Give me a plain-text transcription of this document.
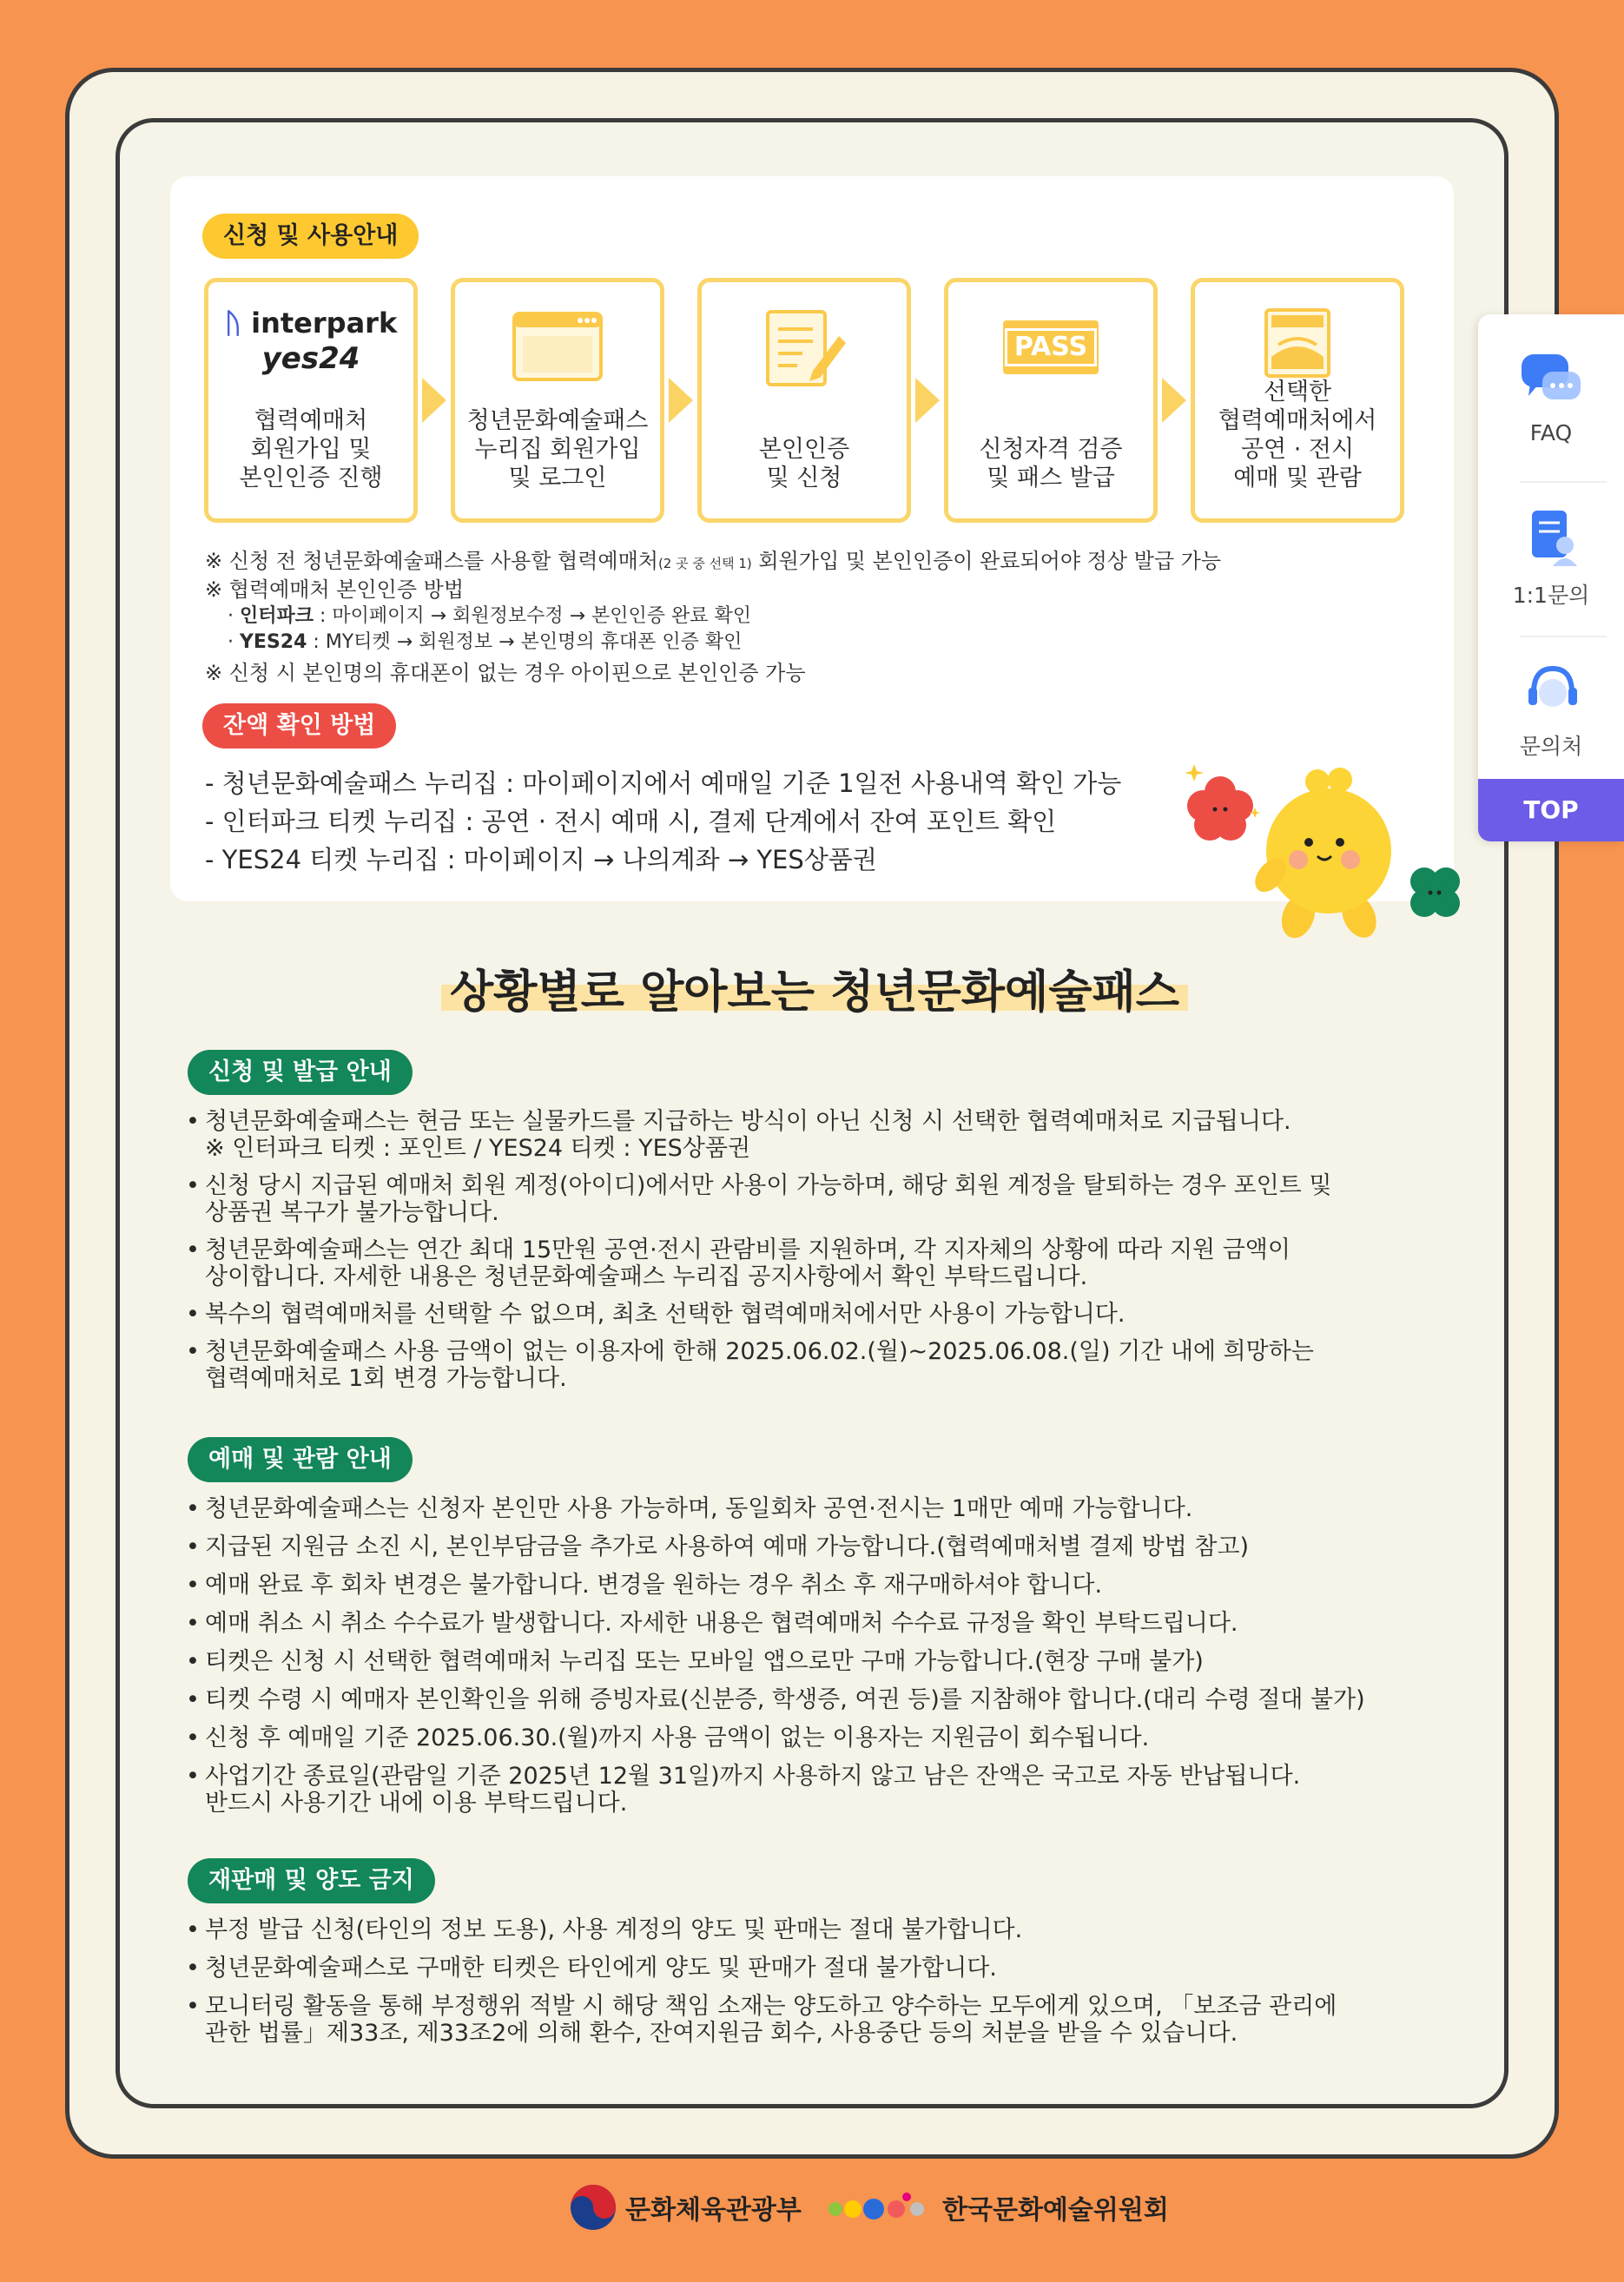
신청 및 사용안내
ᚢ interpark
yes24
협력예매처
회원가입 및
본인인증 진행
청년문화예술패스
누리집 회원가입
및 로그인
본인인증
및 신청
PASS
신청자격 검증
및 패스 발급
선택한
협력예매처에서
공연 · 전시
예매 및 관람
※ 신청 전 청년문화예술패스를 사용할 협력예매처(2 곳 중 선택 1) 회원가입 및 본인인증이 완료되어야 정상 발급 가능
※ 협력예매처 본인인증 방법
· 인터파크 : 마이페이지 → 회원정보수정 → 본인인증 완료 확인
· YES24 : MY티켓 → 회원정보 → 본인명의 휴대폰 인증 확인
※ 신청 시 본인명의 휴대폰이 없는 경우 아이핀으로 본인인증 가능
잔액 확인 방법
- 청년문화예술패스 누리집 : 마이페이지에서 예매일 기준 1일전 사용내역 확인 가능
- 인터파크 티켓 누리집 : 공연 · 전시 예매 시, 결제 단계에서 잔여 포인트 확인
- YES24 티켓 누리집 : 마이페이지 → 나의계좌 → YES상품권
상황별로 알아보는 청년문화예술패스
신청 및 발급 안내
• 청년문화예술패스는 현금 또는 실물카드를 지급하는 방식이 아닌 신청 시 선택한 협력예매처로 지급됩니다.
※ 인터파크 티켓 : 포인트 / YES24 티켓 : YES상품권
• 신청 당시 지급된 예매처 회원 계정(아이디)에서만 사용이 가능하며, 해당 회원 계정을 탈퇴하는 경우 포인트 및
상품권 복구가 불가능합니다.
• 청년문화예술패스는 연간 최대 15만원 공연·전시 관람비를 지원하며, 각 지자체의 상황에 따라 지원 금액이
상이합니다. 자세한 내용은 청년문화예술패스 누리집 공지사항에서 확인 부탁드립니다.
• 복수의 협력예매처를 선택할 수 없으며, 최초 선택한 협력예매처에서만 사용이 가능합니다.
• 청년문화예술패스 사용 금액이 없는 이용자에 한해 2025.06.02.(월)~2025.06.08.(일) 기간 내에 희망하는
협력예매처로 1회 변경 가능합니다.
예매 및 관람 안내
• 청년문화예술패스는 신청자 본인만 사용 가능하며, 동일회차 공연·전시는 1매만 예매 가능합니다.
• 지급된 지원금 소진 시, 본인부담금을 추가로 사용하여 예매 가능합니다.(협력예매처별 결제 방법 참고)
• 예매 완료 후 회차 변경은 불가합니다. 변경을 원하는 경우 취소 후 재구매하셔야 합니다.
• 예매 취소 시 취소 수수료가 발생합니다. 자세한 내용은 협력예매처 수수료 규정을 확인 부탁드립니다.
• 티켓은 신청 시 선택한 협력예매처 누리집 또는 모바일 앱으로만 구매 가능합니다.(현장 구매 불가)
• 티켓 수령 시 예매자 본인확인을 위해 증빙자료(신분증, 학생증, 여권 등)를 지참해야 합니다.(대리 수령 절대 불가)
• 신청 후 예매일 기준 2025.06.30.(월)까지 사용 금액이 없는 이용자는 지원금이 회수됩니다.
• 사업기간 종료일(관람일 기준 2025년 12월 31일)까지 사용하지 않고 남은 잔액은 국고로 자동 반납됩니다.
반드시 사용기간 내에 이용 부탁드립니다.
재판매 및 양도 금지
• 부정 발급 신청(타인의 정보 도용), 사용 계정의 양도 및 판매는 절대 불가합니다.
• 청년문화예술패스로 구매한 티켓은 타인에게 양도 및 판매가 절대 불가합니다.
• 모니터링 활동을 통해 부정행위 적발 시 해당 책임 소재는 양도하고 양수하는 모두에게 있으며, 「보조금 관리에
관한 법률」제33조, 제33조2에 의해 환수, 잔여지원금 회수, 사용중단 등의 처분을 받을 수 있습니다.
FAQ
1:1문의
문의처
TOP
문화체육관광부	한국문화예술위원회
